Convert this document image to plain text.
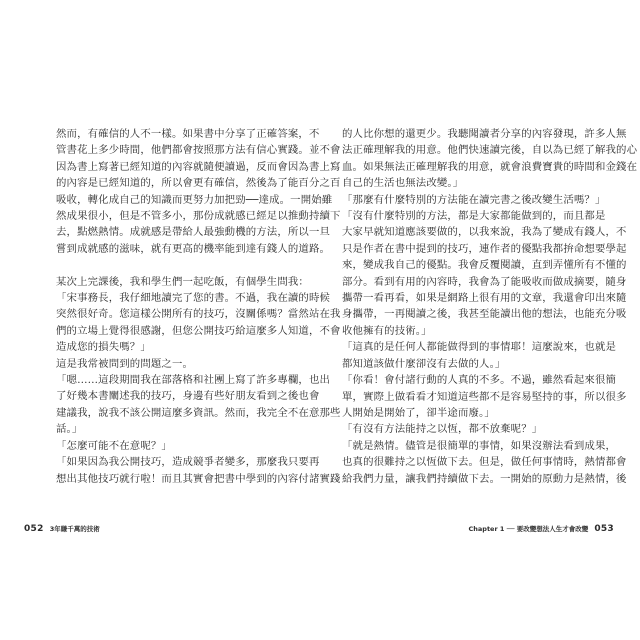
然而，有確信的人不一樣。如果書中分享了正確答案，不

管書花上多少時間，他們都會按照那方法有信心實踐。並不會

因為書上寫著已經知道的內容就隨便讀過，反而會因為書上寫

的內容是已經知道的，所以會更有確信，然後為了能百分之百

吸收，轉化成自己的知識而更努力加把勁──達成。一開始雖

然成果很小，但是不管多小，那份成就感已經足以推動持續下

去，點燃熱情。成就感是帶給人最強動機的方法，所以一旦

嘗到成就感的滋味，就有更高的機率能到達有錢人的道路。

某次上完課後，我和學生們一起吃飯，有個學生問我：

「宋事務長，我仔細地讀完了您的書。不過，我在讀的時候

突然很好奇。您這樣公開所有的技巧，沒關係嗎？當然站在我

們的立場上覺得很感謝，但您公開技巧給這麼多人知道，不會

造成您的損失嗎？」

這是我常被問到的問題之一。

「嗯……這段期間我在部落格和社團上寫了許多專欄，也出

了好幾本書闡述我的技巧，身邊有些好朋友看到之後也會

建議我，說我不該公開這麼多資訊。然而，我完全不在意那些

話。」

「怎麼可能不在意呢？」

「如果因為我公開技巧，造成競爭者變多，那麼我只要再

想出其他技巧就行啦！而且其實會把書中學到的內容付諸實踐

的人比你想的還更少。我聽聞讀者分享的內容發現，許多人無

法正確理解我的用意。他們快速讀完後，自以為已經了解我的心

血。如果無法正確理解我的用意，就會浪費寶貴的時間和金錢在

自己的生活也無法改變。」

「那麼有什麼特別的方法能在讀完書之後改變生活嗎？」

「沒有什麼特別的方法，都是大家都能做到的，而且都是

大家早就知道應該要做的，以我來說，我為了變成有錢人，不

只是作者在書中提到的技巧，連作者的優點我都拚命想要學起

來，變成我自己的優點。我會反覆閱讀，直到弄懂所有不懂的

部分。看到有用的內容時，我會為了能吸收而做成摘要，隨身

攜帶一看再看，如果是網路上很有用的文章，我還會印出來隨

身攜帶，一再閱讀之後，我甚至能讀出他的想法，也能充分吸

收他擁有的技術。」

「這真的是任何人都能做得到的事情耶！這麼說來，也就是

都知道該做什麼卻沒有去做的人。」

「你看！會付諸行動的人真的不多。不過，雖然看起來很簡

單，實際上做看看才知道這些都不是容易堅持的事，所以很多

人開始是開始了，卻半途而廢。」

「有沒有方法能持之以恆，都不放棄呢？」

「就是熱情。儘管是很簡單的事情，如果沒辦法看到成果，

也真的很難持之以恆做下去。但是，做任何事情時，熱情都會

給我們力量，讓我們持續做下去。一開始的原動力是熱情，後

052 3年賺千萬的技術	Chapter 1 ── 要改變想法人生才會改變 053
